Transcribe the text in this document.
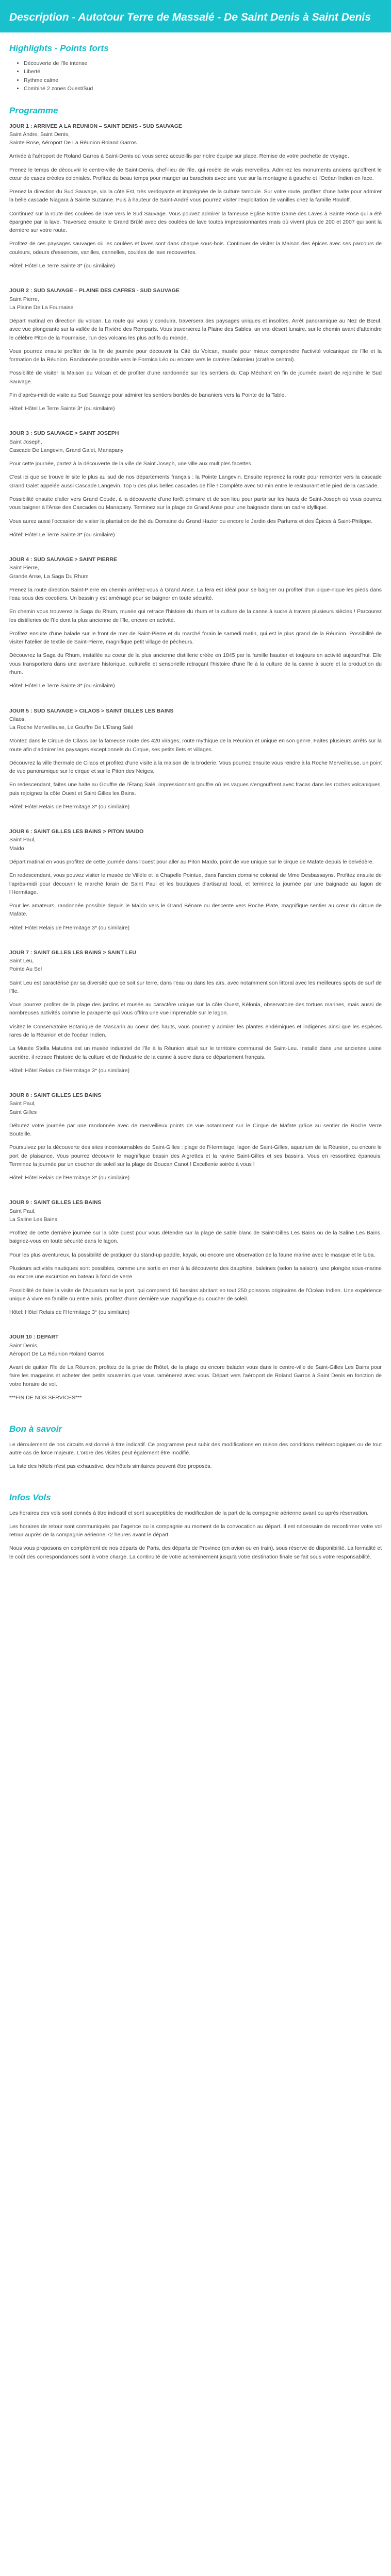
Description - Autotour Terre de Massalé - De Saint Denis à Saint Denis
Highlights - Points forts
• Découverte de l'île intense
• Liberté
• Rythme calme
• Combiné 2 zones Ouest/Sud
Programme
JOUR 1 : ARRIVEE A LA REUNION – SAINT DENIS - SUD SAUVAGE
Saint Andre, Saint Denis,
Sainte Rose, Aéroport De La Réunion Roland Garros

Arrivée à l'aéroport de Roland Garros à Saint-Denis où vous serez accueillis par notre équipe sur place. Remise de votre pochette de voyage.

Prenez le temps de découvrir le centre-ville de Saint-Denis, chef-lieu de l'île, qui recèle de vrais merveilles. Admirez les monuments anciens qu'offrent le cœur de cases créoles coloniales. Profitez du beau temps pour manger au barachois avec une vue sur la montagne à gauche et l'Océan Indien en face.

Prenez la direction du Sud Sauvage, via la côte Est, très verdoyante et imprégnée de la culture tamoule. Sur votre route, profitez d'une halte pour admirer la belle cascade Niagara à Sainte Suzanne. Puis à hauteur de Saint-André vous pourrez visiter l'exploitation de vanilles chez la famille Rouloff.

Continuez sur la route des coulées de lave vers le Sud Sauvage. Vous pouvez admirer la fameuse Église Notre Dame des Laves à Sainte Rose qui a été épargnée par la lave. Traversez ensuite le Grand Brûlé avec des coulées de lave toutes impressionnantes mais où vivent plus de 200 et 2007 qui sont la dernière sur votre route.

Profitez de ces paysages sauvages où les coulées et laves sont dans chaque sous-bois. Continuer de visiter la Maison des épices avec ses parcours de couleurs, odeurs d'essences, vanilles, cannelles, coulées de lave recouvertes.

Hôtel: Hôtel Le Terre Sainte 3* (ou similaire)
JOUR 2 : SUD SAUVAGE – PLAINE DES CAFRES - SUD SAUVAGE
Saint Pierre,
La Plaine De La Fournaise

Départ matinal en direction du volcan. La route qui vous y conduira, traversera des paysages uniques et insolites. Arrêt panoramique au Nez de Bœuf, avec vue plongeante sur la vallée de la Rivière des Remparts. Vous traverserez la Plaine des Sables, un vrai désert lunaire, sur le chemin avant d'atteindre le célèbre Piton de la Fournaise, l'un des volcans les plus actifs du monde.

Vous pourrez ensuite profiter de la fin de journée pour découvrir la Cité du Volcan, musée pour mieux comprendre l'activité volcanique de l'île et la formation de la Réunion. Randonnée possible vers le Formica Léo ou encore vers le cratère Dolomieu (cratère central).

Possibilité de visiter la Maison du Volcan et de profiter d'une randonnée sur les sentiers du Cap Méchant en fin de journée avant de rejoindre le Sud Sauvage.

Fin d'après-midi de visite au Sud Sauvage pour admirer les sentiers bordés de bananiers vers la Pointe de la Table.

Hôtel: Hôtel Le Terre Sainte 3* (ou similaire)
JOUR 3 : SUD SAUVAGE > SAINT JOSEPH
Saint Joseph,
Cascade De Langevin, Grand Galet, Manapany

Pour cette journée, partez à la découverte de la ville de Saint Joseph, une ville aux multiples facettes.

C'est ici que se trouve le site le plus au sud de nos départements français : la Pointe Langevin. Ensuite reprenez la route pour remonter vers la cascade Grand Galet appelée aussi Cascade Langevin. Top 5 des plus belles cascades de l'île ! Complète avec 50 min entre le restaurant et le pied de la cascade.

Possibilité ensuite d'aller vers Grand Coude, à la découverte d'une forêt primaire et de son lieu pour partir sur les hauts de Saint-Joseph où vous pourrez vous baigner à l'Anse des Cascades ou Manapany. Terminez sur la plage de Grand Anse pour une baignade dans un cadre idyllique.

Vous aurez aussi l'occasion de visiter la plantation de thé du Domaine du Grand Hazier ou encore le Jardin des Parfums et des Épices à Saint-Philippe.

Hôtel: Hôtel Le Terre Sainte 3* (ou similaire)
JOUR 4 : SUD SAUVAGE > SAINT PIERRE
Saint Pierre,
Grande Anse, La Saga Du Rhum

Prenez la route direction Saint-Pierre en chemin arrêtez-vous à Grand Anse. La fera est idéal pour se baigner ou profiter d'un pique-nique les pieds dans l'eau sous des cocotiers. Un bassin y est aménagé pour se baigner en toute sécurité.

En chemin vous trouverez la Saga du Rhum, musée qui retrace l'histoire du rhum et la culture de la canne à sucre à travers plusieurs siècles ! Parcourez les distilleries de l'île dont la plus ancienne de l'île, encore en activité.

Profitez ensuite d'une balade sur le front de mer de Saint-Pierre et du marché forain le samedi matin, qui est le plus grand de la Réunion. Possibilité de visiter l'atelier de textile de Saint-Pierre, magnifique petit village de pêcheurs.

Découvrez la Saga du Rhum, installée au coeur de la plus ancienne distillerie créée en 1845 par la famille Isautier et toujours en activité aujourd'hui. Elle vous transportera dans une aventure historique, culturelle et sensorielle retraçant l'histoire d'une île à la culture de la canne à sucre et la production du rhum.

Hôtel: Hôtel Le Terre Sainte 3* (ou similaire)
JOUR 5 : SUD SAUVAGE > CILAOS > SAINT GILLES LES BAINS
Cilaos,
La Roche Merveilleuse, Le Gouffre De L'Etang Salé

Montez dans le Cirque de Cilaos par la fameuse route des 420 virages, route mythique de la Réunion et unique en son genre. Faites plusieurs arrêts sur la route afin d'admirer les paysages exceptionnels du Cirque, ses petits îlets et villages.

Découvrez la ville thermale de Cilaos et profitez d'une visite à la maison de la broderie. Vous pourrez ensuite vous rendre à la Roche Merveilleuse, un point de vue panoramique sur le cirque et sur le Piton des Neiges.

En redescendant, faites une halte au Gouffre de l'Étang Salé, impressionnant gouffre où les vagues s'engouffrent avec fracas dans les roches volcaniques, puis rejoignez la côte Ouest et Saint Gilles les Bains.

Hôtel: Hôtel Relais de l'Hermitage 3* (ou similaire)
JOUR 6 : SAINT GILLES LES BAINS > PITON MAIDO
Saint Paul,
Maido

Départ matinal en vous profitez de cette journée dans l'ouest pour aller au Piton Maïdo, point de vue unique sur le cirque de Mafate depuis le belvédère.

En redescendant, vous pouvez visiter le musée de Villèle et la Chapelle Pointue, dans l'ancien domaine colonial de Mme Desbassayns. Profitez ensuite de l'après-midi pour découvrir le marché forain de Saint Paul et les boutiques d'artisanat local, et terminez la journée par une baignade au lagon de l'Hermitage.

Pour les amateurs, randonnée possible depuis le Maïdo vers le Grand Bénare ou descente vers Roche Plate, magnifique sentier au cœur du cirque de Mafate.

Hôtel: Hôtel Relais de l'Hermitage 3* (ou similaire)
JOUR 7 : SAINT GILLES LES BAINS > SAINT LEU
Saint Leu,
Pointe Au Sel

Saint Leu est caractérisé par sa diversité que ce soit sur terre, dans l'eau ou dans les airs, avec notamment son littoral avec les meilleures spots de surf de l'île.

Vous pourrez profiter de la plage des jardins et musée au caractère unique sur la côte Ouest, Kélonia, observatoire des tortues marines, mais aussi de nombreuses activités comme le parapente qui vous offrira une vue imprenable sur le lagon.

Visitez le Conservatoire Botanique de Mascarin au coeur des hauts, vous pourrez y admirer les plantes endémiques et indigènes ainsi que les espèces rares de la Réunion et de l'océan Indien.

La Musée Stella Matutina est un musée industriel de l'île à la Réunion situé sur le territoire communal de Saint-Leu. Installé dans une ancienne usine sucrière, il retrace l'histoire de la culture et de l'industrie de la canne à sucre dans ce département français.

Hôtel: Hôtel Relais de l'Hermitage 3* (ou similaire)
JOUR 8 : SAINT GILLES LES BAINS
Saint Paul,
Saint Gilles

Débutez votre journée par une randonnée avec de merveilleux points de vue notamment sur le Cirque de Mafate grâce au sentier de Roche Verre Bouteille.

Poursuivez par la découverte des sites incontournables de Saint-Gilles : plage de l'Hermitage, lagon de Saint-Gilles, aquarium de la Réunion, ou encore le port de plaisance. Vous pourrez découvrir le magnifique bassin des Aigrettes et la ravine Saint-Gilles et ses bassins. Vous en ressortirez épanouis. Terminez la journée par un coucher de soleil sur la plage de Boucan Canot ! Excellente soirée à vous !

Hôtel: Hôtel Relais de l'Hermitage 3* (ou similaire)
JOUR 9 : SAINT GILLES LES BAINS
Saint Paul,
La Saline Les Bains

Profitez de cette dernière journée sur la côte ouest pour vous détendre sur la plage de sable blanc de Saint-Gilles Les Bains ou de la Saline Les Bains, baignez-vous en toute sécurité dans le lagon.

Pour les plus aventureux, la possibilité de pratiquer du stand-up paddle, kayak, ou encore une observation de la faune marine avec le masque et le tuba.

Plusieurs activités nautiques sont possibles, comme une sortie en mer à la découverte des dauphins, baleines (selon la saison), une plongée sous-marine ou encore une excursion en bateau à fond de verre.

Possibilité de faire la visite de l'Aquarium sur le port, qui comprend 16 bassins abritant en tout 250 poissons originaires de l'Océan Indien. Une expérience unique à vivre en famille ou entre amis, profitez d'une dernière vue magnifique du coucher de soleil.

Hôtel: Hôtel Relais de l'Hermitage 3* (ou similaire)
JOUR 10 : DEPART
Saint Denis,
Aéroport De La Réunion Roland Garros

Avant de quitter l'île de La Réunion, profitez de la prise de l'hôtel, de la plage ou encore balader vous dans le centre-ville de Saint-Gilles Les Bains pour faire les magasins et acheter des petits souvenirs que vous ramènerez avec vous. Départ vers l'aéroport de Roland Garros à Saint Denis en fonction de votre horaire de vol.

***FIN DE NOS SERVICES***

Bon à savoir

Le déroulement de nos circuits est donné à titre indicatif. Ce programme peut subir des modifications en raison des conditions météorologiques ou de tout autre cas de force majeure. L'ordre des visites peut également être modifié.

La liste des hôtels n'est pas exhaustive, des hôtels similaires peuvent être proposés.

Infos Vols

Les horaires des vols sont donnés à titre indicatif et sont susceptibles de modification de la part de la compagnie aérienne avant ou après réservation.

Les horaires de retour sont communiqués par l'agence ou la compagnie au moment de la convocation au départ. Il est nécessaire de reconfirmer votre vol retour auprès de la compagnie aérienne 72 heures avant le départ.

Nous vous proposons en complément de nos départs de Paris, des départs de Province (en avion ou en train), sous réserve de disponibilité. La formalité et le coût des correspondances sont à votre charge. La continuité de votre acheminement jusqu'à votre destination finale se fait sous votre responsabilité.
